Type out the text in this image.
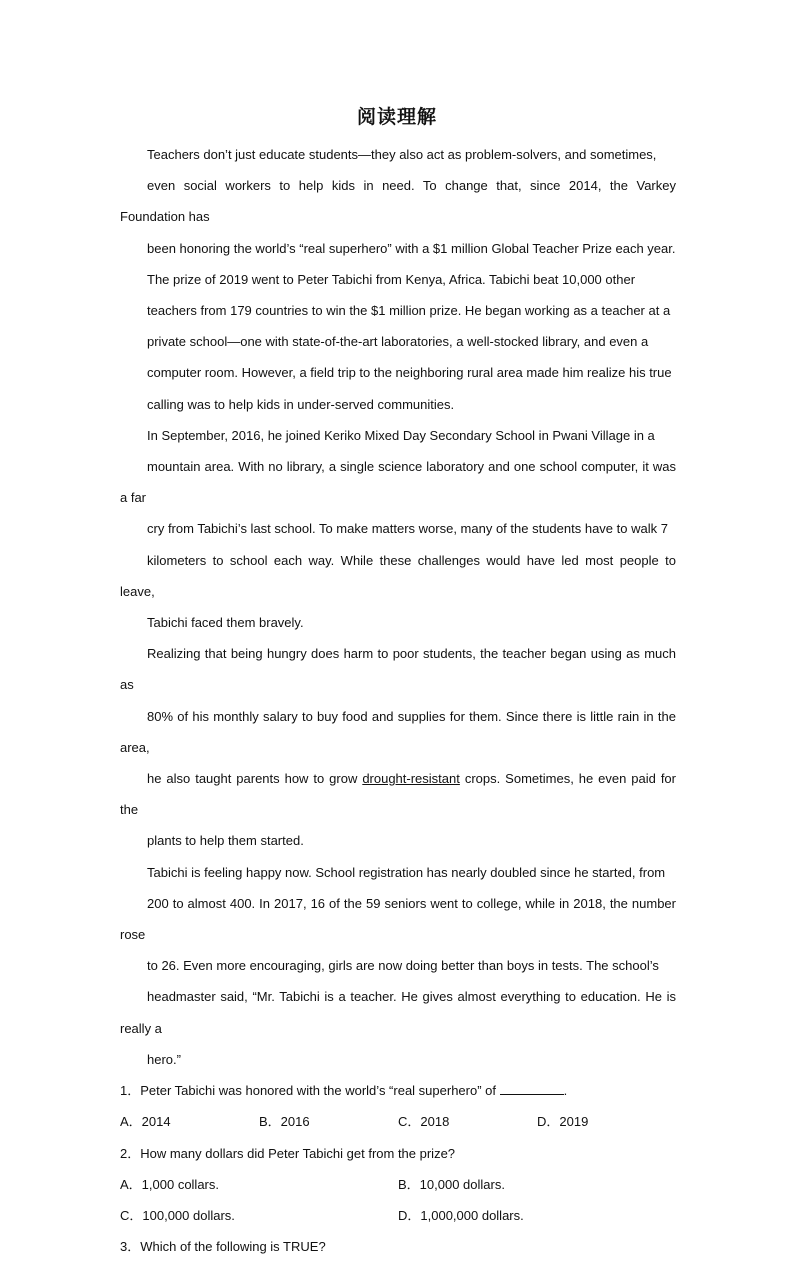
阅读理解

Teachers don’t just educate students—they also act as problem-solvers, and sometimes,
even social workers to help kids in need. To change that, since 2014, the Varkey Foundation has
been honoring the world’s “real superhero” with a $1 million Global Teacher Prize each year.

The prize of 2019 went to Peter Tabichi from Kenya, Africa. Tabichi beat 10,000 other
teachers from 179 countries to win the $1 million prize. He began working as a teacher at a
private school—one with state-of-the-art laboratories, a well-stocked library, and even a
computer room. However, a field trip to the neighboring rural area made him realize his true
calling was to help kids in under-served communities.

In September, 2016, he joined Keriko Mixed Day Secondary School in Pwani Village in a
mountain area. With no library, a single science laboratory and one school computer, it was a far
cry from Tabichi’s last school. To make matters worse, many of the students have to walk 7
kilometers to school each way. While these challenges would have led most people to leave,
Tabichi faced them bravely.

Realizing that being hungry does harm to poor students, the teacher began using as much as
80% of his monthly salary to buy food and supplies for them. Since there is little rain in the area,
he also taught parents how to grow drought-resistant crops. Sometimes, he even paid for the
plants to help them started.

Tabichi is feeling happy now. School registration has nearly doubled since he started, from
200 to almost 400. In 2017, 16 of the 59 seniors went to college, while in 2018, the number rose
to 26. Even more encouraging, girls are now doing better than boys in tests. The school’s
headmaster said, “Mr. Tabichi is a teacher. He gives almost everything to education. He is really a
hero.”

1．Peter Tabichi was honored with the world’s “real superhero” of	.

A．2014	B．2016	C．2018	D．2019

2．How many dollars did Peter Tabichi get from the prize?

A．1,000 collars.	B．10,000 dollars.
C．100,000 dollars.	D．1,000,000 dollars.

3．Which of the following is TRUE?
